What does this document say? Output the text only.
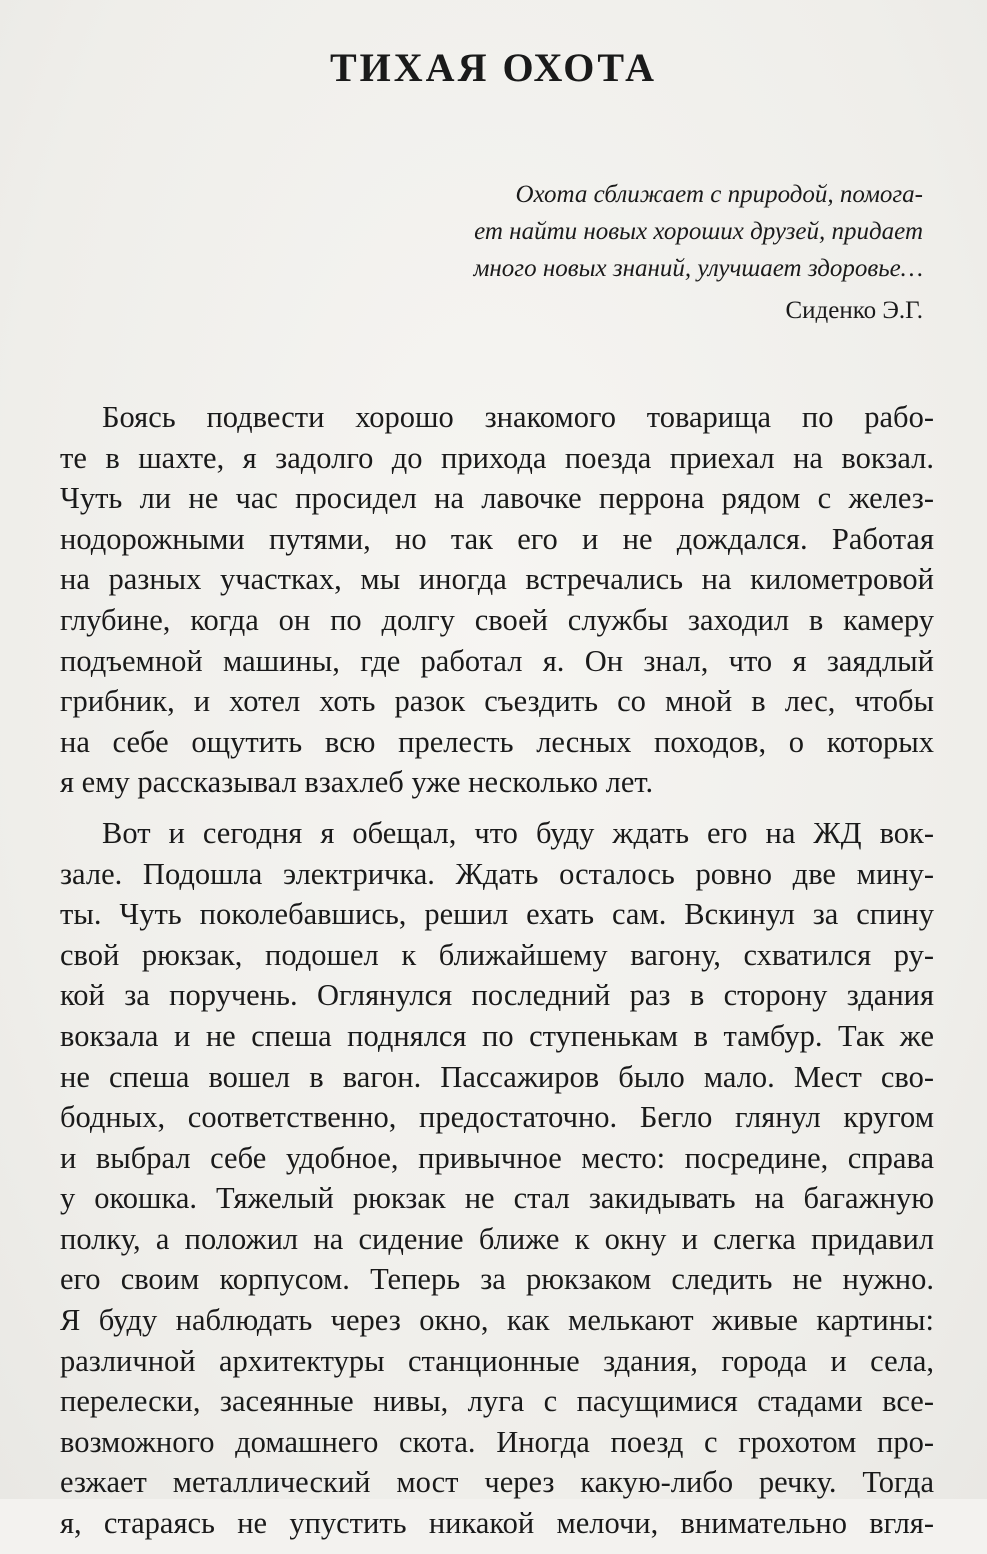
ТИХАЯ ОХОТА
Охота сближает с природой, помога-
ет найти новых хороших друзей, придает
много новых знаний, улучшает здоровье…
Сиденко Э.Г.
Боясь подвести хорошо знакомого товарища по рабо-
те в шахте, я задолго до прихода поезда приехал на вокзал.
Чуть ли не час просидел на лавочке перрона рядом с желез-
нодорожными путями, но так его и не дождался. Работая
на разных участках, мы иногда встречались на километровой
глубине, когда он по долгу своей службы заходил в камеру
подъемной машины, где работал я. Он знал, что я заядлый
грибник, и хотел хоть разок съездить со мной в лес, чтобы
на себе ощутить всю прелесть лесных походов, о которых
я ему рассказывал взахлеб уже несколько лет.
Вот и сегодня я обещал, что буду ждать его на ЖД вок-
зале. Подошла электричка. Ждать осталось ровно две мину-
ты. Чуть поколебавшись, решил ехать сам. Вскинул за спину
свой рюкзак, подошел к ближайшему вагону, схватился ру-
кой за поручень. Оглянулся последний раз в сторону здания
вокзала и не спеша поднялся по ступенькам в тамбур. Так же
не спеша вошел в вагон. Пассажиров было мало. Мест сво-
бодных, соответственно, предостаточно. Бегло глянул кругом
и выбрал себе удобное, привычное место: посредине, справа
у окошка. Тяжелый рюкзак не стал закидывать на багажную
полку, а положил на сидение ближе к окну и слегка придавил
его своим корпусом. Теперь за рюкзаком следить не нужно.
Я буду наблюдать через окно, как мелькают живые картины:
различной архитектуры станционные здания, города и села,
перелески, засеянные нивы, луга с пасущимися стадами все-
возможного домашнего скота. Иногда поезд с грохотом про-
езжает металлический мост через какую-либо речку. Тогда
я, стараясь не упустить никакой мелочи, внимательно вгля-
